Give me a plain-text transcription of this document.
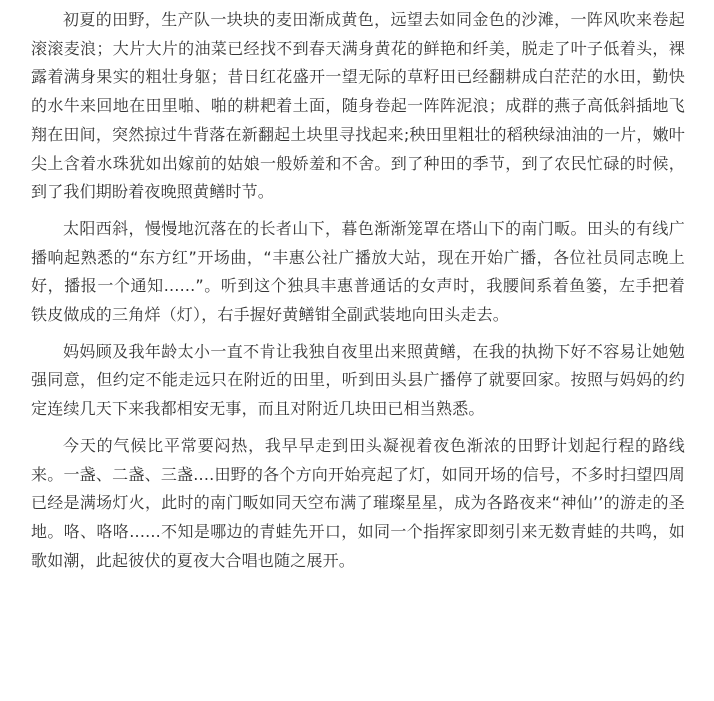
初夏的田野，生产队一块块的麦田渐成黄色，远望去如同金色的沙滩，一阵风吹来卷起滚滚麦浪；大片大片的油菜已经找不到春天满身黄花的鲜艳和纤美，脱走了叶子低着头，裸露着满身果实的粗壮身躯；昔日红花盛开一望无际的草籽田已经翻耕成白茫茫的水田，勤快的水牛来回地在田里啪、啪的耕耙着土面，随身卷起一阵阵泥浪；成群的燕子高低斜插地飞翔在田间，突然掠过牛背落在新翻起土块里寻找起来;秧田里粗壮的稻秧绿油油的一片，嫩叶尖上含着水珠犹如出嫁前的姑娘一般娇羞和不舍。到了种田的季节，到了农民忙碌的时候，到了我们期盼着夜晚照黄鳝时节。

太阳西斜，慢慢地沉落在的长者山下，暮色渐渐笼罩在塔山下的南门畈。田头的有线广播响起熟悉的“东方红”开场曲，“丰惠公社广播放大站，现在开始广播，各位社员同志晚上好，播报一个通知......”。听到这个独具丰惠普通话的女声时，我腰间系着鱼篓，左手把着铁皮做成的三角烊（灯），右手握好黄鳝钳全副武装地向田头走去。

妈妈顾及我年龄太小一直不肯让我独自夜里出来照黄鳝，在我的执拗下好不容易让她勉强同意，但约定不能走远只在附近的田里，听到田头县广播停了就要回家。按照与妈妈的约定连续几天下来我都相安无事，而且对附近几块田已相当熟悉。

今天的气候比平常要闷热，我早早走到田头凝视着夜色渐浓的田野计划起行程的路线来。一盏、二盏、三盏....田野的各个方向开始亮起了灯，如同开场的信号，不多时扫望四周已经是满场灯火，此时的南门畈如同天空布满了璀璨星星，成为各路夜来“神仙’’的游走的圣地。咯、咯咯......不知是哪边的青蛙先开口，如同一个指挥家即刻引来无数青蛙的共鸣，如歌如潮，此起彼伏的夏夜大合唱也随之展开。
